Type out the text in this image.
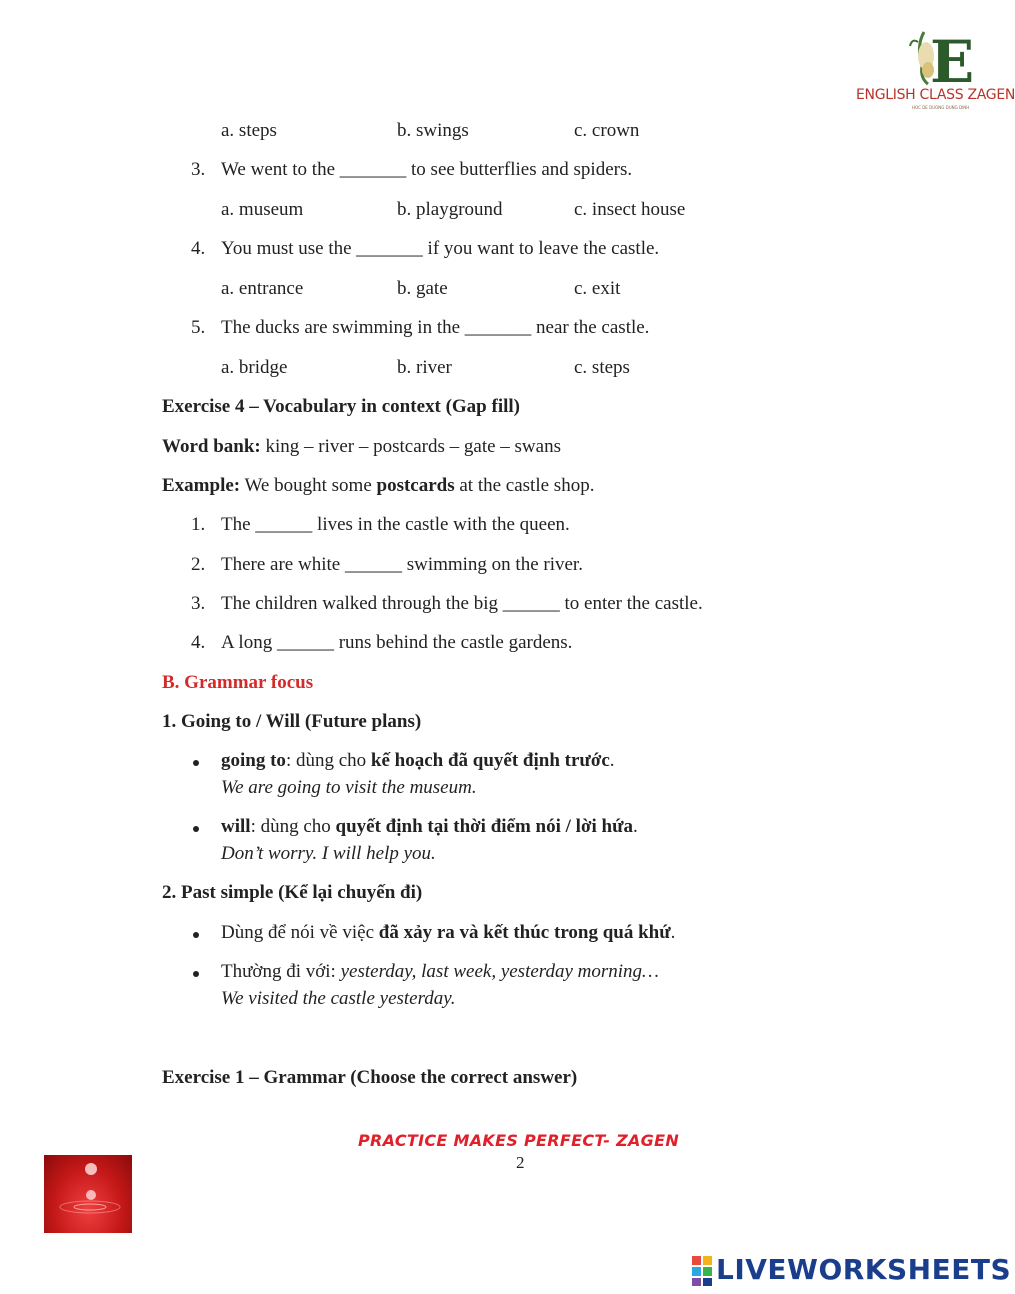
E
ENGLISH CLASS ZAGEN
HOC DE DUONG DUNG DINH
a. steps	b. swings	c. crown
3. We went to the _______ to see butterflies and spiders.
a. museum	b. playground	c. insect house
4. You must use the _______ if you want to leave the castle.
a. entrance	b. gate	c. exit
5. The ducks are swimming in the _______ near the castle.
a. bridge	b. river	c. steps
Exercise 4 – Vocabulary in context (Gap fill)
Word bank: king – river – postcards – gate – swans
Example: We bought some postcards at the castle shop.
1. The ______ lives in the castle with the queen.
2. There are white ______ swimming on the river.
3. The children walked through the big ______ to enter the castle.
4. A long ______ runs behind the castle gardens.
B. Grammar focus
1. Going to / Will (Future plans)
going to: dùng cho kế hoạch đã quyết định trước.
We are going to visit the museum.
will: dùng cho quyết định tại thời điểm nói / lời hứa.
Don’t worry. I will help you.
2. Past simple (Kể lại chuyến đi)
Dùng để nói về việc đã xảy ra và kết thúc trong quá khứ.
Thường đi với: yesterday, last week, yesterday morning…
We visited the castle yesterday.
Exercise 1 – Grammar (Choose the correct answer)
PRACTICE MAKES PERFECT- ZAGEN
2
LIVEWORKSHEETS
